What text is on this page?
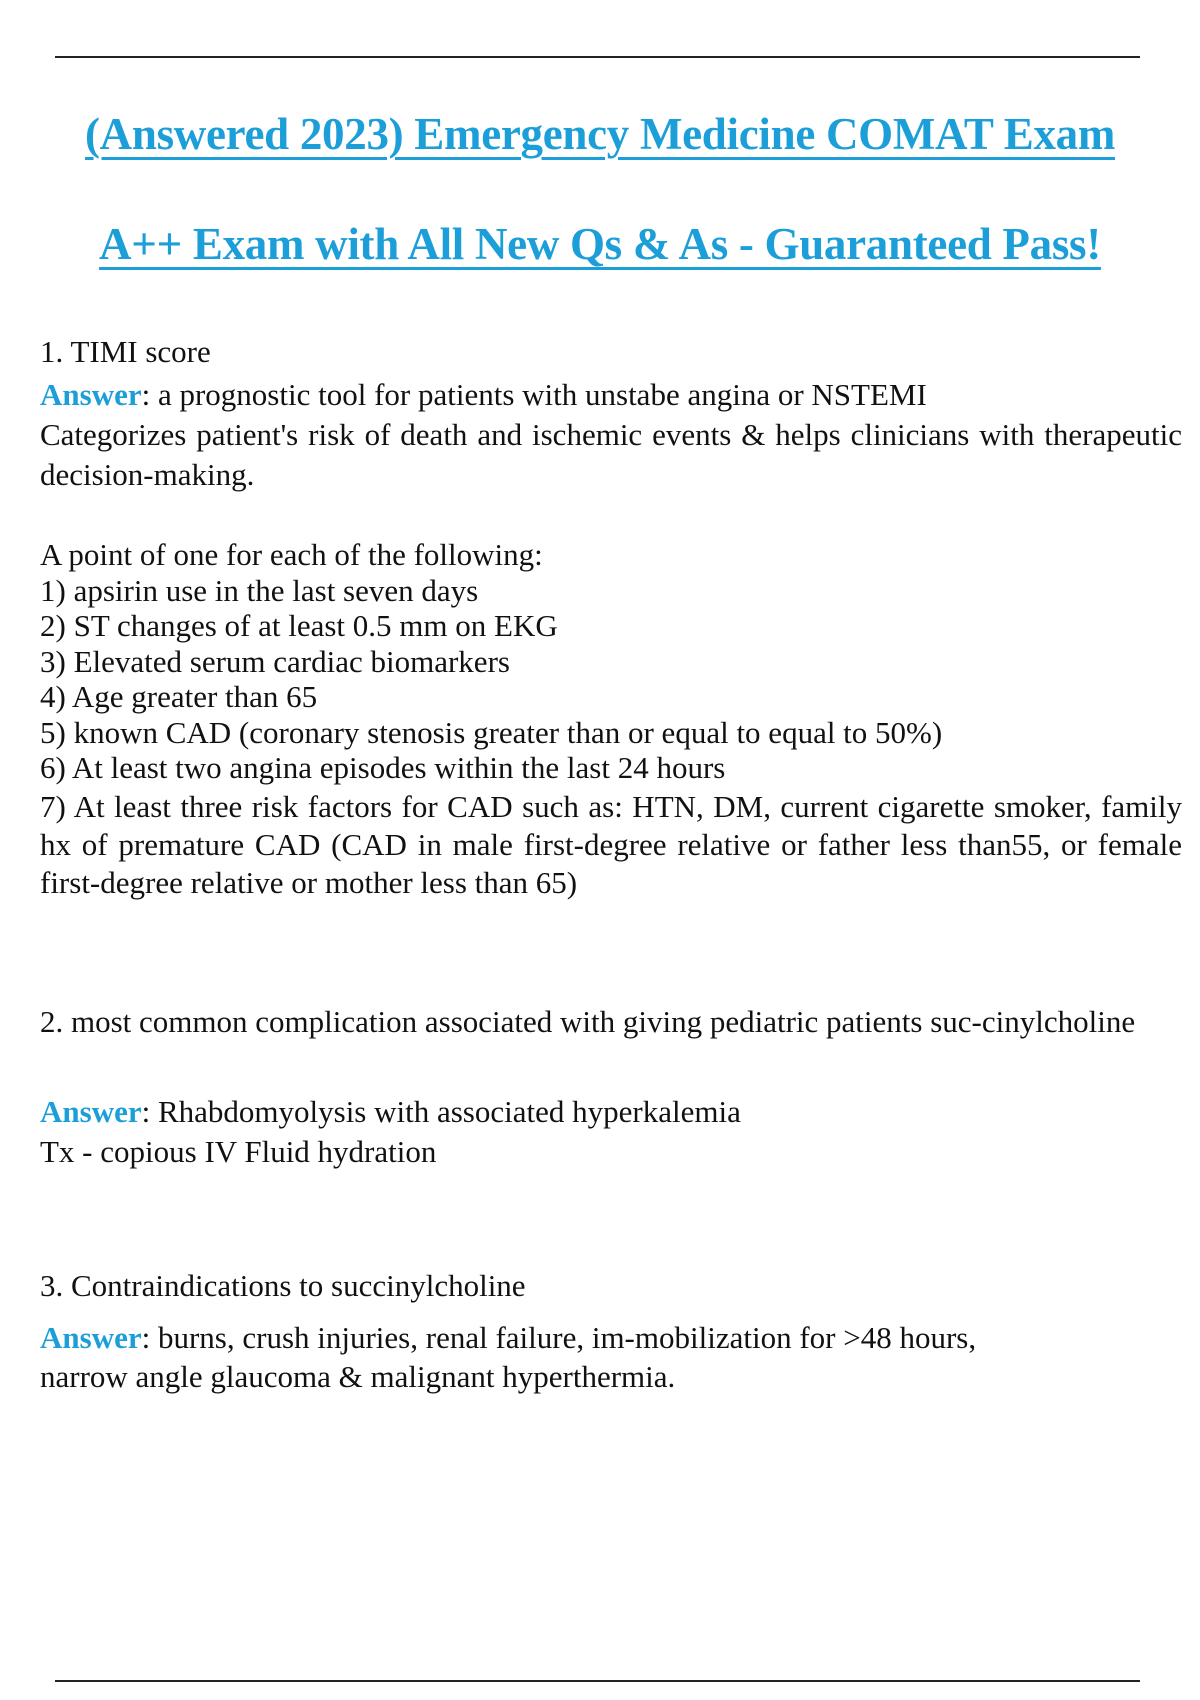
(Answered 2023) Emergency Medicine COMAT Exam
A++ Exam with All New Qs & As - Guaranteed Pass!
1. TIMI score
Answer: a prognostic tool for patients with unstabe angina or NSTEMI
Categorizes patient's risk of death and ischemic events & helps clinicians with therapeutic decision-making.
A point of one for each of the following:
1) apsirin use in the last seven days
2) ST changes of at least 0.5 mm on EKG
3) Elevated serum cardiac biomarkers
4) Age greater than 65
5) known CAD (coronary stenosis greater than or equal to equal to 50%)
6) At least two angina episodes within the last 24 hours
7) At least three risk factors for CAD such as: HTN, DM, current cigarette smoker, family hx of premature CAD (CAD in male first-degree relative or father less than55, or female first-degree relative or mother less than 65)
2. most common complication associated with giving pediatric patients suc-cinylcholine
Answer: Rhabdomyolysis with associated hyperkalemia
Tx - copious IV Fluid hydration
3. Contraindications to succinylcholine
Answer: burns, crush injuries, renal failure, im-mobilization for >48 hours,
narrow angle glaucoma & malignant hyperthermia.
